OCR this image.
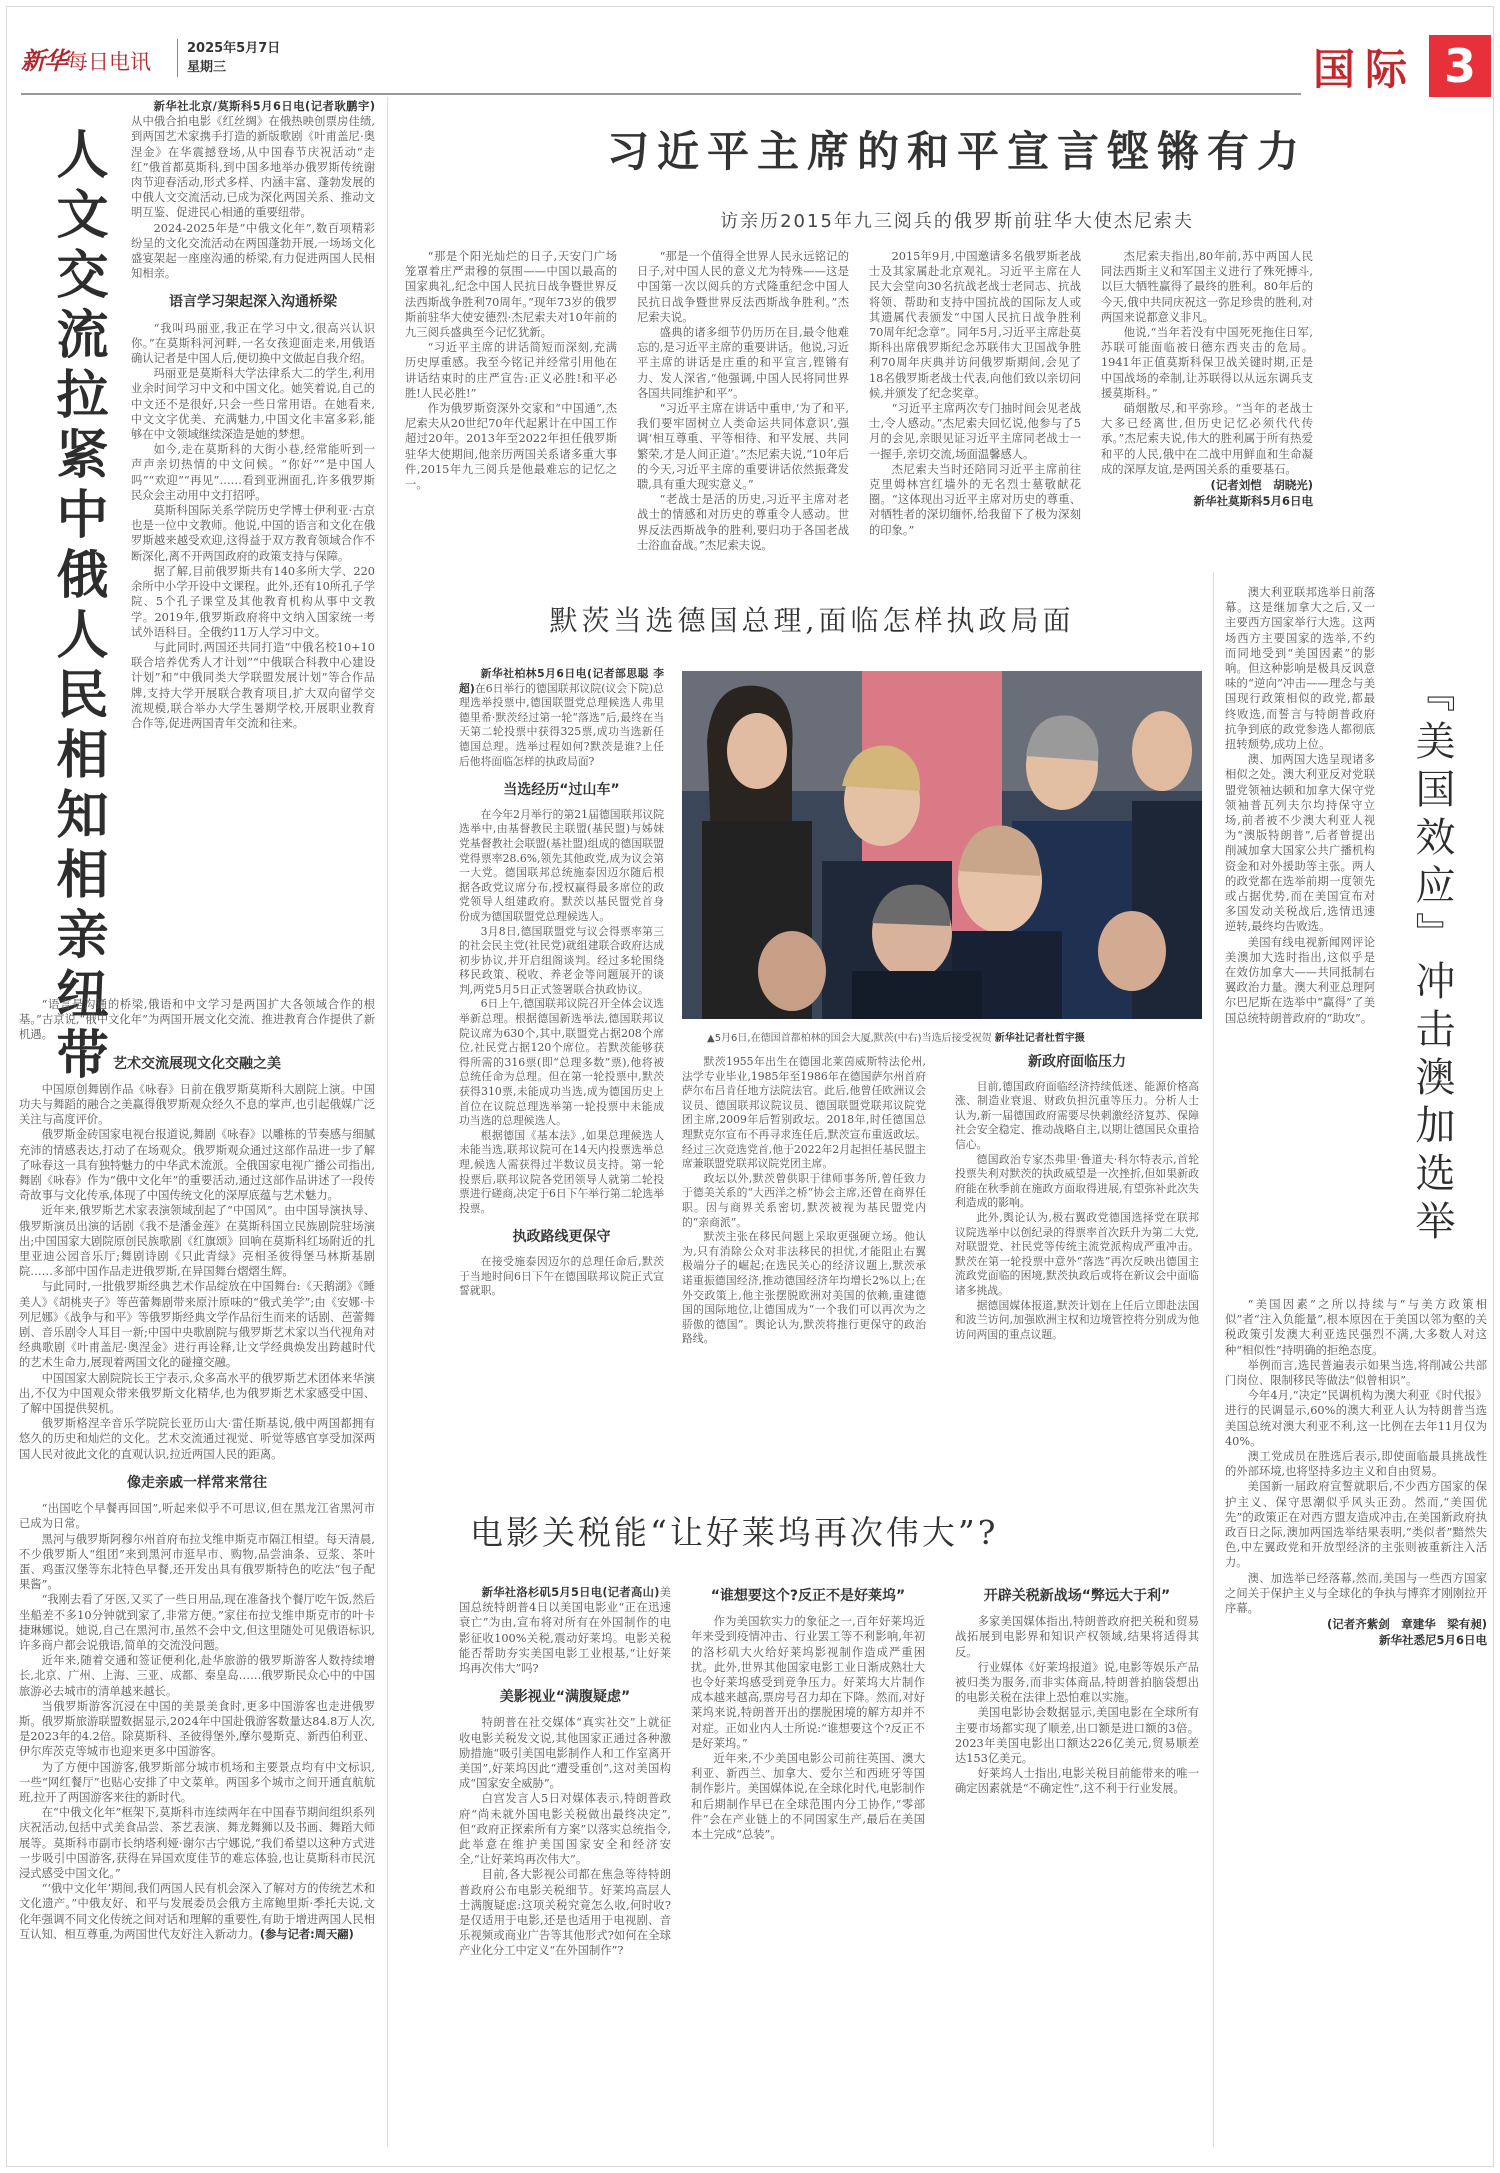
新华每日电讯
2025年5月7日
星期三	国际 3
人文交流拉紧中俄人民相知相亲纽带

新华社北京/莫斯科5月6日电(记者耿鹏宇)从中俄合拍电影《红丝绸》在俄热映创票房佳绩,到两国艺术家携手打造的新版歌剧《叶甫盖尼·奥涅金》在华震撼登场,从中国春节庆祝活动“走红”俄首都莫斯科,到中国多地举办俄罗斯传统谢肉节迎春活动,形式多样、内涵丰富、蓬勃发展的中俄人文交流活动,已成为深化两国关系、推动文明互鉴、促进民心相通的重要纽带。

2024-2025年是“中俄文化年”,数百项精彩纷呈的文化交流活动在两国蓬勃开展,一场场文化盛宴架起一座座沟通的桥梁,有力促进两国人民相知相亲。

语言学习架起深入沟通桥梁

“我叫玛丽亚,我正在学习中文,很高兴认识你。”在莫斯科河河畔,一名女孩迎面走来,用俄语确认记者是中国人后,便切换中文做起自我介绍。

玛丽亚是莫斯科大学法律系大二的学生,利用业余时间学习中文和中国文化。她笑着说,自己的中文还不是很好,只会一些日常用语。在她看来,中文文字优美、充满魅力,中国文化丰富多彩,能够在中文领域继续深造是她的梦想。

如今,走在莫斯科的大街小巷,经常能听到一声声亲切热情的中文问候。“你好”“是中国人吗”“欢迎”“再见”……看到亚洲面孔,许多俄罗斯民众会主动用中文打招呼。

莫斯科国际关系学院历史学博士伊利亚·古京也是一位中文教师。他说,中国的语言和文化在俄罗斯越来越受欢迎,这得益于双方教育领域合作不断深化,离不开两国政府的政策支持与保障。

据了解,目前俄罗斯共有140多所大学、220余所中小学开设中文课程。此外,还有10所孔子学院、5个孔子课堂及其他教育机构从事中文教学。2019年,俄罗斯政府将中文纳入国家统一考试外语科目。全俄约11万人学习中文。

与此同时,两国还共同打造“中俄名校10+10联合培养优秀人才计划”“中俄联合科教中心建设计划”和“中俄同类大学联盟发展计划”等合作品牌,支持大学开展联合教育项目,扩大双向留学交流规模,联合举办大学生暑期学校,开展职业教育合作等,促进两国青年交流和往来。

“语言是沟通的桥梁,俄语和中文学习是两国扩大各领域合作的根基。”古京说,“俄中文化年”为两国开展文化交流、推进教育合作提供了新机遇。

艺术交流展现文化交融之美

中国原创舞剧作品《咏春》日前在俄罗斯莫斯科大剧院上演。中国功夫与舞蹈的融合之美赢得俄罗斯观众经久不息的掌声,也引起俄媒广泛关注与高度评价。

俄罗斯金砖国家电视台报道说,舞剧《咏春》以雕栋的节奏感与细腻充沛的情感表达,打动了在场观众。俄罗斯观众通过这部作品进一步了解了咏春这一具有独特魅力的中华武术流派。全俄国家电视广播公司指出,舞剧《咏春》作为“俄中文化年”的重要活动,通过这部作品讲述了一段传奇故事与文化传承,体现了中国传统文化的深厚底蕴与艺术魅力。

近年来,俄罗斯艺术家表演领域刮起了“中国风”。由中国导演执导、俄罗斯演员出演的话剧《我不是潘金莲》在莫斯科国立民族剧院驻场演出;中国国家大剧院原创民族歌剧《红旗颂》回响在莫斯科红场附近的扎里亚迪公园音乐厅;舞剧诗剧《只此青绿》亮相圣彼得堡马林斯基剧院……多部中国作品走进俄罗斯,在异国舞台熠熠生辉。

与此同时,一批俄罗斯经典艺术作品绽放在中国舞台:《天鹅湖》《睡美人》《胡桃夹子》等芭蕾舞剧带来原汁原味的“俄式美学”;由《安娜·卡列尼娜》《战争与和平》等俄罗斯经典文学作品衍生而来的话剧、芭蕾舞剧、音乐剧令人耳目一新;中国中央歌剧院与俄罗斯艺术家以当代视角对经典歌剧《叶甫盖尼·奥涅金》进行再诠释,让文学经典焕发出跨越时代的艺术生命力,展现着两国文化的碰撞交融。

中国国家大剧院院长王宁表示,众多高水平的俄罗斯艺术团体来华演出,不仅为中国观众带来俄罗斯文化精华,也为俄罗斯艺术家感受中国、了解中国提供契机。

俄罗斯格涅辛音乐学院院长亚历山大·雷任斯基说,俄中两国都拥有悠久的历史和灿烂的文化。艺术交流通过视觉、听觉等感官享受加深两国人民对彼此文化的直观认识,拉近两国人民的距离。

像走亲戚一样常来常往

“出国吃个早餐再回国”,听起来似乎不可思议,但在黑龙江省黑河市已成为日常。

黑河与俄罗斯阿穆尔州首府布拉戈维申斯克市隔江相望。每天清晨,不少俄罗斯人“组团”来到黑河市逛早市、购物,品尝油条、豆浆、茶叶蛋、鸡蛋汉堡等东北特色早餐,还开发出具有俄罗斯特色的吃法“包子配果酱”。

“我刚去看了牙医,又买了一些日用品,现在准备找个餐厅吃午饭,然后坐船差不多10分钟就到家了,非常方便。”家住布拉戈维申斯克市的叶卡捷琳娜说。她说,自己在黑河市,虽然不会中文,但这里随处可见俄语标识,许多商户都会说俄语,简单的交流没问题。

近年来,随着交通和签证便利化,赴华旅游的俄罗斯游客人数持续增长,北京、广州、上海、三亚、成都、秦皇岛……俄罗斯民众心中的中国旅游必去城市的清单越来越长。

当俄罗斯游客沉浸在中国的美景美食时,更多中国游客也走进俄罗斯。俄罗斯旅游联盟数据显示,2024年中国赴俄游客数量达84.8万人次,是2023年的4.2倍。除莫斯科、圣彼得堡外,摩尔曼斯克、新西伯利亚、伊尔库茨克等城市也迎来更多中国游客。

为了方便中国游客,俄罗斯部分城市机场和主要景点均有中文标识,一些“网红餐厅”也贴心安排了中文菜单。两国多个城市之间开通直航航班,拉开了两国游客来往的新时代。

在“中俄文化年”框架下,莫斯科市连续两年在中国春节期间组织系列庆祝活动,包括中式美食品尝、茶艺表演、舞龙舞狮以及书画、舞蹈大师展等。莫斯科市副市长纳塔利娅·谢尔古宁娜说,“我们希望以这种方式进一步吸引中国游客,获得在异国欢度佳节的难忘体验,也让莫斯科市民沉浸式感受中国文化。”

“‘俄中文化年’期间,我们两国人民有机会深入了解对方的传统艺术和文化遗产。”中俄友好、和平与发展委员会俄方主席鲍里斯·季托夫说,文化年强调不同文化传统之间对话和理解的重要性,有助于增进两国人民相互认知、相互尊重,为两国世代友好注入新动力。(参与记者:周天翮)

习近平主席的和平宣言铿锵有力
访亲历2015年九三阅兵的俄罗斯前驻华大使杰尼索夫

“那是个阳光灿烂的日子,天安门广场笼罩着庄严肃穆的氛围——中国以最高的国家典礼,纪念中国人民抗日战争暨世界反法西斯战争胜利70周年。”现年73岁的俄罗斯前驻华大使安德烈·杰尼索夫对10年前的九三阅兵盛典至今记忆犹新。

“习近平主席的讲话简短而深刻,充满历史厚重感。我至今铭记并经常引用他在讲话结束时的庄严宣告:正义必胜!和平必胜!人民必胜!”

作为俄罗斯资深外交家和“中国通”,杰尼索夫从20世纪70年代起累计在中国工作超过20年。2013年至2022年担任俄罗斯驻华大使期间,他亲历两国关系诸多重大事件,2015年九三阅兵是他最难忘的记忆之一。

“那是一个值得全世界人民永远铭记的日子,对中国人民的意义尤为特殊——这是中国第一次以阅兵的方式隆重纪念中国人民抗日战争暨世界反法西斯战争胜利。”杰尼索夫说。

盛典的诸多细节仍历历在目,最令他难忘的,是习近平主席的重要讲话。他说,习近平主席的讲话是庄重的和平宣言,铿锵有力、发人深省,“他强调,中国人民将同世界各国共同维护和平”。

“习近平主席在讲话中重申,‘为了和平,我们要牢固树立人类命运共同体意识’,强调‘相互尊重、平等相待、和平发展、共同繁荣,才是人间正道’。”杰尼索夫说,“10年后的今天,习近平主席的重要讲话依然振聋发聩,具有重大现实意义。”

“老战士是活的历史,习近平主席对老战士的情感和对历史的尊重令人感动。世界反法西斯战争的胜利,要归功于各国老战士浴血奋战。”杰尼索夫说。

2015年9月,中国邀请多名俄罗斯老战士及其家属赴北京观礼。习近平主席在人民大会堂向30名抗战老战士老同志、抗战将领、帮助和支持中国抗战的国际友人或其遗属代表颁发“中国人民抗日战争胜利70周年纪念章”。同年5月,习近平主席赴莫斯科出席俄罗斯纪念苏联伟大卫国战争胜利70周年庆典并访问俄罗斯期间,会见了18名俄罗斯老战士代表,向他们致以亲切问候,并颁发了纪念奖章。

“习近平主席两次专门抽时间会见老战士,令人感动。”杰尼索夫回忆说,他参与了5月的会见,亲眼见证习近平主席同老战士一一握手,亲切交流,场面温馨感人。

杰尼索夫当时还陪同习近平主席前往克里姆林宫红墙外的无名烈士墓敬献花圈。“这体现出习近平主席对历史的尊重、对牺牲者的深切缅怀,给我留下了极为深刻的印象。”

杰尼索夫指出,80年前,苏中两国人民同法西斯主义和军国主义进行了殊死搏斗,以巨大牺牲赢得了最终的胜利。80年后的今天,俄中共同庆祝这一弥足珍贵的胜利,对两国来说都意义非凡。

他说,“当年若没有中国死死拖住日军,苏联可能面临被日德东西夹击的危局。1941年正值莫斯科保卫战关键时期,正是中国战场的牵制,让苏联得以从远东调兵支援莫斯科。”

硝烟散尽,和平弥珍。“当年的老战士大多已经离世,但历史记忆必须代代传承。”杰尼索夫说,伟大的胜利属于所有热爱和平的人民,俄中在二战中用鲜血和生命凝成的深厚友谊,是两国关系的重要基石。

(记者刘恺　胡晓光)
新华社莫斯科5月6日电
默茨当选德国总理,面临怎样执政局面

新华社柏林5月6日电(记者部思聪 李超)在6日举行的德国联邦议院(议会下院)总理选举投票中,德国联盟党总理候选人弗里德里希·默茨经过第一轮“落选”后,最终在当天第二轮投票中获得325票,成功当选新任德国总理。选举过程如何?默茨是谁?上任后他将面临怎样的执政局面?

当选经历“过山车”

在今年2月举行的第21届德国联邦议院选举中,由基督教民主联盟(基民盟)与姊妹党基督教社会联盟(基社盟)组成的德国联盟党得票率28.6%,领先其他政党,成为议会第一大党。德国联邦总统施泰因迈尔随后根据各政党议席分布,授权赢得最多席位的政党领导人组建政府。默茨以基民盟党首身份成为德国联盟党总理候选人。

3月8日,德国联盟党与议会得票率第三的社会民主党(社民党)就组建联合政府达成初步协议,并开启组阁谈判。经过多轮围绕移民政策、税收、养老金等问题展开的谈判,两党5月5日正式签署联合执政协议。

6日上午,德国联邦议院召开全体会议选举新总理。根据德国新选举法,德国联邦议院议席为630个,其中,联盟党占据208个席位,社民党占据120个席位。若默茨能够获得所需的316票(即“总理多数”票),他将被总统任命为总理。但在第一轮投票中,默茨获得310票,未能成功当选,成为德国历史上首位在议院总理选举第一轮投票中未能成功当选的总理候选人。

根据德国《基本法》,如果总理候选人未能当选,联邦议院可在14天内投票选举总理,候选人需获得过半数议员支持。第一轮投票后,联邦议院各党团领导人就第二轮投票进行磋商,决定于6日下午举行第二轮选举投票。

执政路线更保守

在接受施泰因迈尔的总理任命后,默茨于当地时间6日下午在德国联邦议院正式宣誓就职。

▲5月6日,在德国首都柏林的国会大厦,默茨(中右)当选后接受祝贺 新华社记者杜哲宇摄

默茨1955年出生在德国北莱茵威斯特法伦州,法学专业毕业,1985年至1986年在德国萨尔州首府萨尔布吕肯任地方法院法官。此后,他曾任欧洲议会议员、德国联邦议院议员、德国联盟党联邦议院党团主席,2009年后暂别政坛。2018年,时任德国总理默克尔宣布不再寻求连任后,默茨宣布重返政坛。经过三次竞选党首,他于2022年2月起担任基民盟主席兼联盟党联邦议院党团主席。

政坛以外,默茨曾供职于律师事务所,曾任致力于德美关系的“大西洋之桥”协会主席,还曾在商界任职。因与商界关系密切,默茨被视为基民盟党内的“亲商派”。

默茨主张在移民问题上采取更强硬立场。他认为,只有消除公众对非法移民的担忧,才能阻止右翼极端分子的崛起;在选民关心的经济议题上,默茨承诺重振德国经济,推动德国经济年均增长2%以上;在外交政策上,他主张摆脱欧洲对美国的依赖,重建德国的国际地位,让德国成为“一个我们可以再次为之骄傲的德国”。舆论认为,默茨将推行更保守的政治路线。

新政府面临压力

目前,德国政府面临经济持续低迷、能源价格高涨、制造业衰退、财政负担沉重等压力。分析人士认为,新一届德国政府需要尽快刺激经济复苏、保障社会安全稳定、推动战略自主,以期让德国民众重拾信心。

德国政治专家杰弗里·鲁道夫·科尔特表示,首轮投票失利对默茨的执政威望是一次挫折,但如果新政府能在秋季前在施政方面取得进展,有望弥补此次失利造成的影响。

此外,舆论认为,极右翼政党德国选择党在联邦议院选举中以创纪录的得票率首次跃升为第二大党,对联盟党、社民党等传统主流党派构成严重冲击。默茨在第一轮投票中意外“落选”再次反映出德国主流政党面临的困境,默茨执政后或将在新议会中面临诸多挑战。

据德国媒体报道,默茨计划在上任后立即赴法国和波兰访问,加强欧洲主权和边境管控将分别成为他访问两国的重点议题。

澳大利亚联邦选举日前落幕。这是继加拿大之后,又一主要西方国家举行大选。这两场西方主要国家的选举,不约而同地受到“美国因素”的影响。但这种影响是极具反讽意味的“逆向”冲击——理念与美国现行政策相似的政党,都最终败选,而誓言与特朗普政府抗争到底的政党参选人都彻底扭转颓势,成功上位。

澳、加两国大选呈现诸多相似之处。澳大利亚反对党联盟党领袖达顿和加拿大保守党领袖普瓦列夫尔均持保守立场,前者被不少澳大利亚人视为“澳版特朗普”,后者曾提出削减加拿大国家公共广播机构资金和对外援助等主张。两人的政党都在选举前期一度领先或占据优势,而在美国宣布对多国发动关税战后,选情迅速逆转,最终均告败选。

美国有线电视新闻网评论美澳加大选时指出,这似乎是在效仿加拿大——共同抵制右翼政治力量。澳大利亚总理阿尔巴尼斯在选举中“赢得”了美国总统特朗普政府的“助攻”。 『美国效应』冲击澳加选举

“美国因素”之所以持续与“与美方政策相似”者“注入负能量”,根本原因在于美国以邻为壑的关税政策引发澳大利亚选民强烈不满,大多数人对这种“相似性”持明确的拒绝态度。

举例而言,选民普遍表示如果当选,将削减公共部门岗位、限制移民等做法“似曾相识”。

今年4月,“决定”民调机构为澳大利亚《时代报》进行的民调显示,60%的澳大利亚人认为特朗普当选美国总统对澳大利亚不利,这一比例在去年11月仅为40%。

澳工党成员在胜选后表示,即使面临最具挑战性的外部环境,也将坚持多边主义和自由贸易。

美国新一届政府宣誓就职后,不少西方国家的保护主义、保守思潮似乎风头正劲。然而,“美国优先”的政策正在对西方盟友造成冲击,在美国新政府执政百日之际,澳加两国选举结果表明,“类似者”黯然失色,中左翼政党和开放型经济的主张则被重新注入活力。

澳、加选举已经落幕,然而,美国与一些西方国家之间关于保护主义与全球化的争执与博弈才刚刚拉开序幕。

(记者齐紫剑　章建华　梁有昶)
新华社悉尼5月6日电
电影关税能“让好莱坞再次伟大”?

新华社洛杉矶5月5日电(记者高山)美国总统特朗普4日以美国电影业“正在迅速衰亡”为由,宣布将对所有在外国制作的电影征收100%关税,震动好莱坞。电影关税能否帮助夯实美国电影工业根基,“让好莱坞再次伟大”吗?

美影视业“满腹疑虑”

特朗普在社交媒体“真实社交”上就征收电影关税发文说,其他国家正通过各种激励措施“吸引美国电影制作人和工作室离开美国”,好莱坞因此“遭受重创”,这对美国构成“国家安全威胁”。

白宫发言人5日对媒体表示,特朗普政府“尚未就外国电影关税做出最终决定”,但“政府正探索所有方案”以落实总统指令,此举意在维护美国国家安全和经济安全,“让好莱坞再次伟大”。

目前,各大影视公司都在焦急等待特朗普政府公布电影关税细节。好莱坞高层人士满腹疑虑:这项关税究竟怎么收,何时收?是仅适用于电影,还是也适用于电视剧、音乐视频或商业广告等其他形式?如何在全球产业化分工中定义“在外国制作”?

“谁想要这个?反正不是好莱坞”

作为美国软实力的象征之一,百年好莱坞近年来受到疫情冲击、行业罢工等不利影响,年初的洛杉矶大火给好莱坞影视制作造成严重困扰。此外,世界其他国家电影工业日渐成熟壮大也令好莱坞感受到竞争压力。好莱坞大片制作成本越来越高,票房号召力却在下降。然而,对好莱坞来说,特朗普开出的摆脱困境的解方却并不对症。正如业内人士所说:“谁想要这个?反正不是好莱坞。”

近年来,不少美国电影公司前往英国、澳大利亚、新西兰、加拿大、爱尔兰和西班牙等国制作影片。美国媒体说,在全球化时代,电影制作和后期制作早已在全球范围内分工协作,“零部件”会在产业链上的不同国家生产,最后在美国本土完成“总装”。

开辟关税新战场“弊远大于利”

多家美国媒体指出,特朗普政府把关税和贸易战拓展到电影界和知识产权领域,结果将适得其反。

行业媒体《好莱坞报道》说,电影等娱乐产品被归类为服务,而非实体商品,特朗普拍脑袋想出的电影关税在法律上恐怕难以实施。

美国电影协会数据显示,美国电影在全球所有主要市场都实现了顺差,出口额是进口额的3倍。2023年美国电影出口额达226亿美元,贸易顺差达153亿美元。

好莱坞人士指出,电影关税目前能带来的唯一确定因素就是“不确定性”,这不利于行业发展。
